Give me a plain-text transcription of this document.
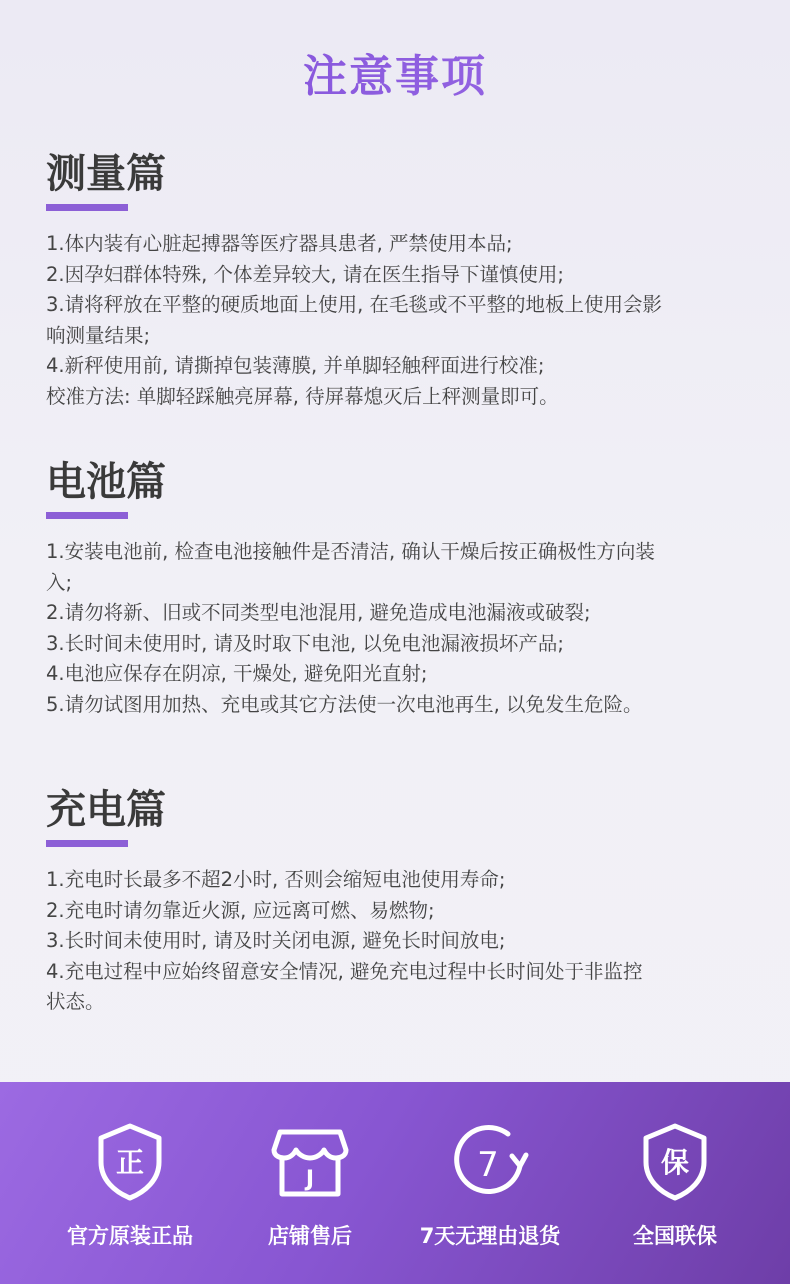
注意事项
测量篇
1.体内装有心脏起搏器等医疗器具患者, 严禁使用本品;
2.因孕妇群体特殊, 个体差异较大, 请在医生指导下谨慎使用;
3.请将秤放在平整的硬质地面上使用, 在毛毯或不平整的地板上使用会影
响测量结果;
4.新秤使用前, 请撕掉包装薄膜, 并单脚轻触秤面进行校准;
校准方法: 单脚轻踩触亮屏幕, 待屏幕熄灭后上秤测量即可。
电池篇
1.安装电池前, 检查电池接触件是否清洁, 确认干燥后按正确极性方向装
入;
2.请勿将新、旧或不同类型电池混用, 避免造成电池漏液或破裂;
3.长时间未使用时, 请及时取下电池, 以免电池漏液损坏产品;
4.电池应保存在阴凉, 干燥处, 避免阳光直射;
5.请勿试图用加热、充电或其它方法使一次电池再生, 以免发生危险。
充电篇
1.充电时长最多不超2小时, 否则会缩短电池使用寿命;
2.充电时请勿靠近火源, 应远离可燃、易燃物;
3.长时间未使用时, 请及时关闭电源, 避免长时间放电;
4.充电过程中应始终留意安全情况, 避免充电过程中长时间处于非监控
状态。
正
官方原装正品
J
店铺售后
7
7天无理由退货
保
全国联保
